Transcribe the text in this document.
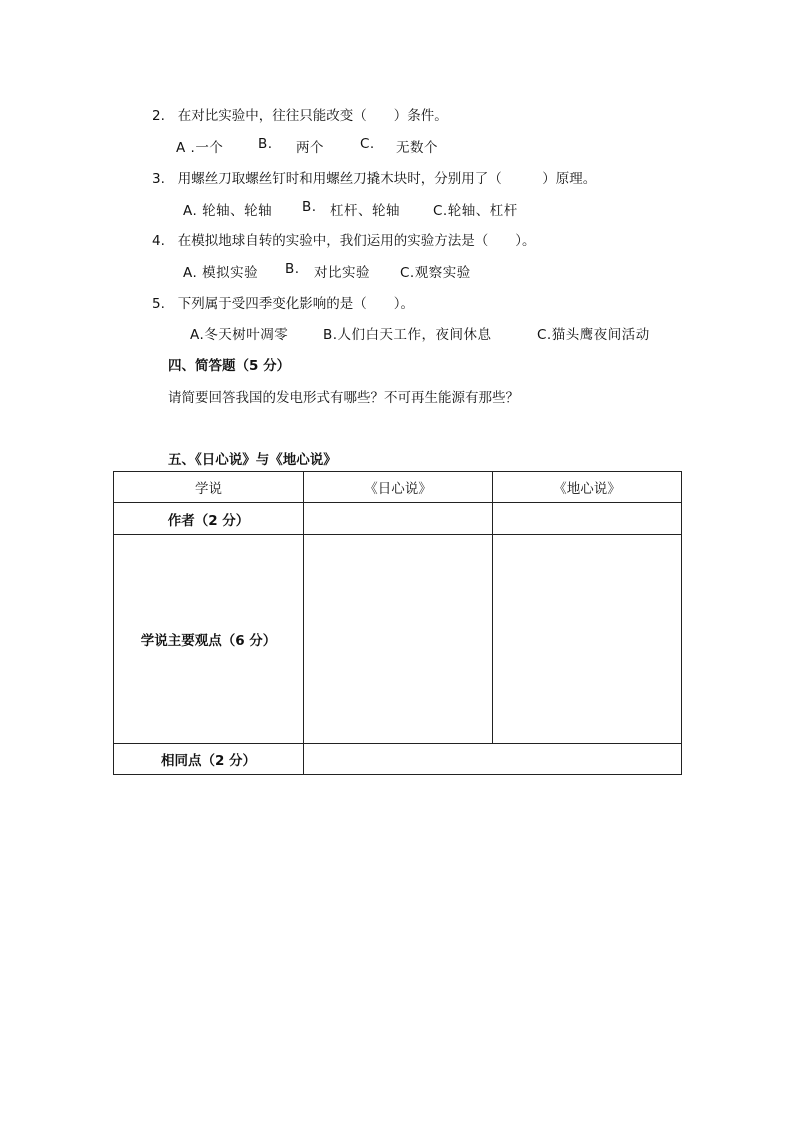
2. 在对比实验中，往往只能改变（　　）条件。
A .一个	B. 两个	C. 无数个
3. 用螺丝刀取螺丝钉时和用螺丝刀撬木块时，分别用了（　　　）原理。
A. 轮轴、轮轴 B. 杠杆、轮轴 C.轮轴、杠杆
4. 在模拟地球自转的实验中，我们运用的实验方法是（　　）。
A. 模拟实验 B. 对比实验 C.观察实验
5. 下列属于受四季变化影响的是（　　）。
A.冬天树叶凋零	B.人们白天工作，夜间休息	C.猫头鹰夜间活动
四、简答题（5 分）
请简要回答我国的发电形式有哪些？不可再生能源有那些？
五、《日心说》与《地心说》
学说	《日心说》	《地心说》
作者（2 分）		
学说主要观点（6 分）		
相同点（2 分）		
